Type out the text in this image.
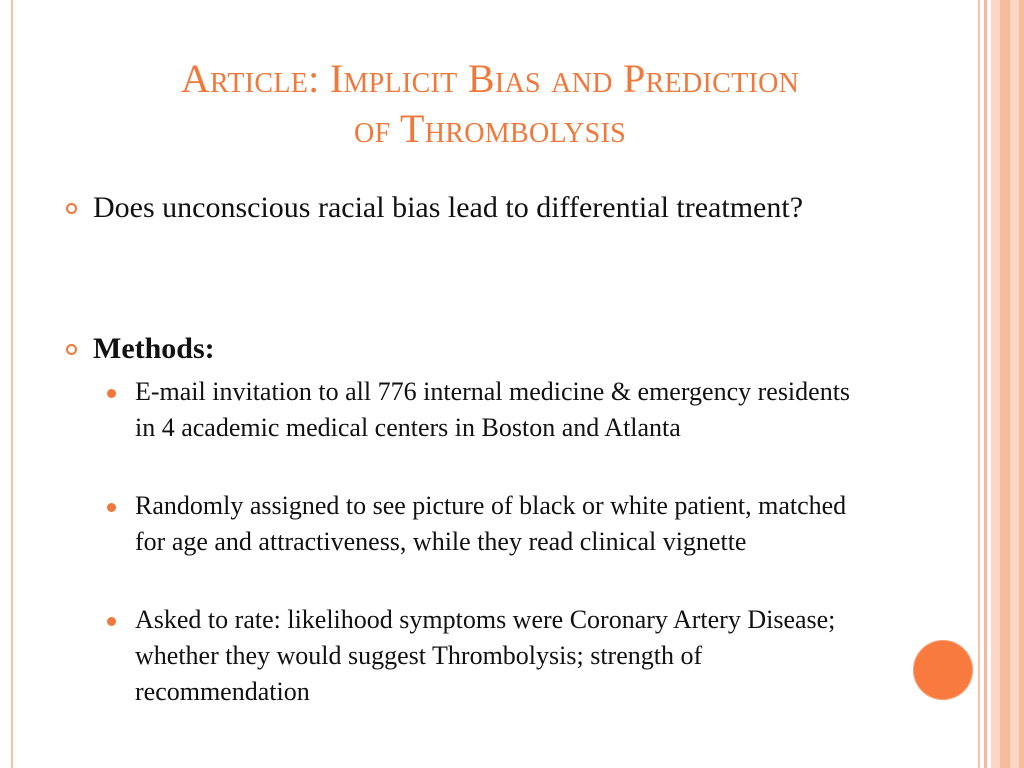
Article: Implicit Bias and Prediction
of Thrombolysis
Does unconscious racial bias lead to differential treatment?
Methods:
E-mail invitation to all 776 internal medicine & emergency residents in 4 academic medical centers in Boston and Atlanta
Randomly assigned to see picture of black or white patient, matched for age and attractiveness, while they read clinical vignette
Asked to rate: likelihood symptoms were Coronary Artery Disease; whether they would suggest Thrombolysis; strength of recommendation
